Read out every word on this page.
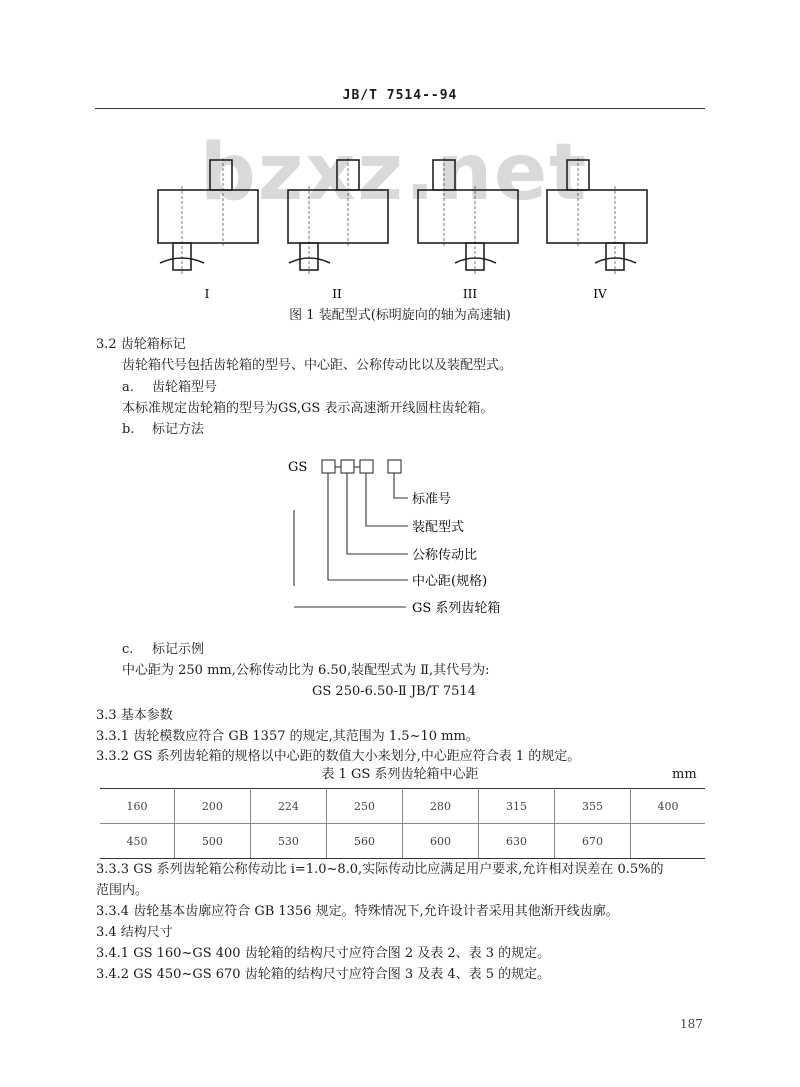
JB/T 7514--94
bzxz.net
I	II	III	IV
图 1 装配型式(标明旋向的轴为高速轴)
3.2 齿轮箱标记
齿轮箱代号包括齿轮箱的型号、中心距、公称传动比以及装配型式。
a. 齿轮箱型号
本标准规定齿轮箱的型号为GS,GS 表示高速渐开线圆柱齿轮箱。
b. 标记方法
GS
标准号
装配型式
公称传动比
中心距(规格)
GS 系列齿轮箱
c. 标记示例
中心距为 250 mm,公称传动比为 6.50,装配型式为 Ⅱ,其代号为:
GS 250-6.50-Ⅱ JB/T 7514
3.3 基本参数
3.3.1 齿轮模数应符合 GB 1357 的规定,其范围为 1.5~10 mm。
3.3.2 GS 系列齿轮箱的规格以中心距的数值大小来划分,中心距应符合表 1 的规定。
表 1 GS 系列齿轮箱中心距	mm
160	200	224	250	280	315	355	400
450	500	530	560	600	630	670	
3.3.3 GS 系列齿轮箱公称传动比 i=1.0~8.0,实际传动比应满足用户要求,允许相对误差在 0.5%的
范围内。
3.3.4 齿轮基本齿廓应符合 GB 1356 规定。特殊情况下,允许设计者采用其他渐开线齿廓。
3.4 结构尺寸
3.4.1 GS 160~GS 400 齿轮箱的结构尺寸应符合图 2 及表 2、表 3 的规定。
3.4.2 GS 450~GS 670 齿轮箱的结构尺寸应符合图 3 及表 4、表 5 的规定。
187
